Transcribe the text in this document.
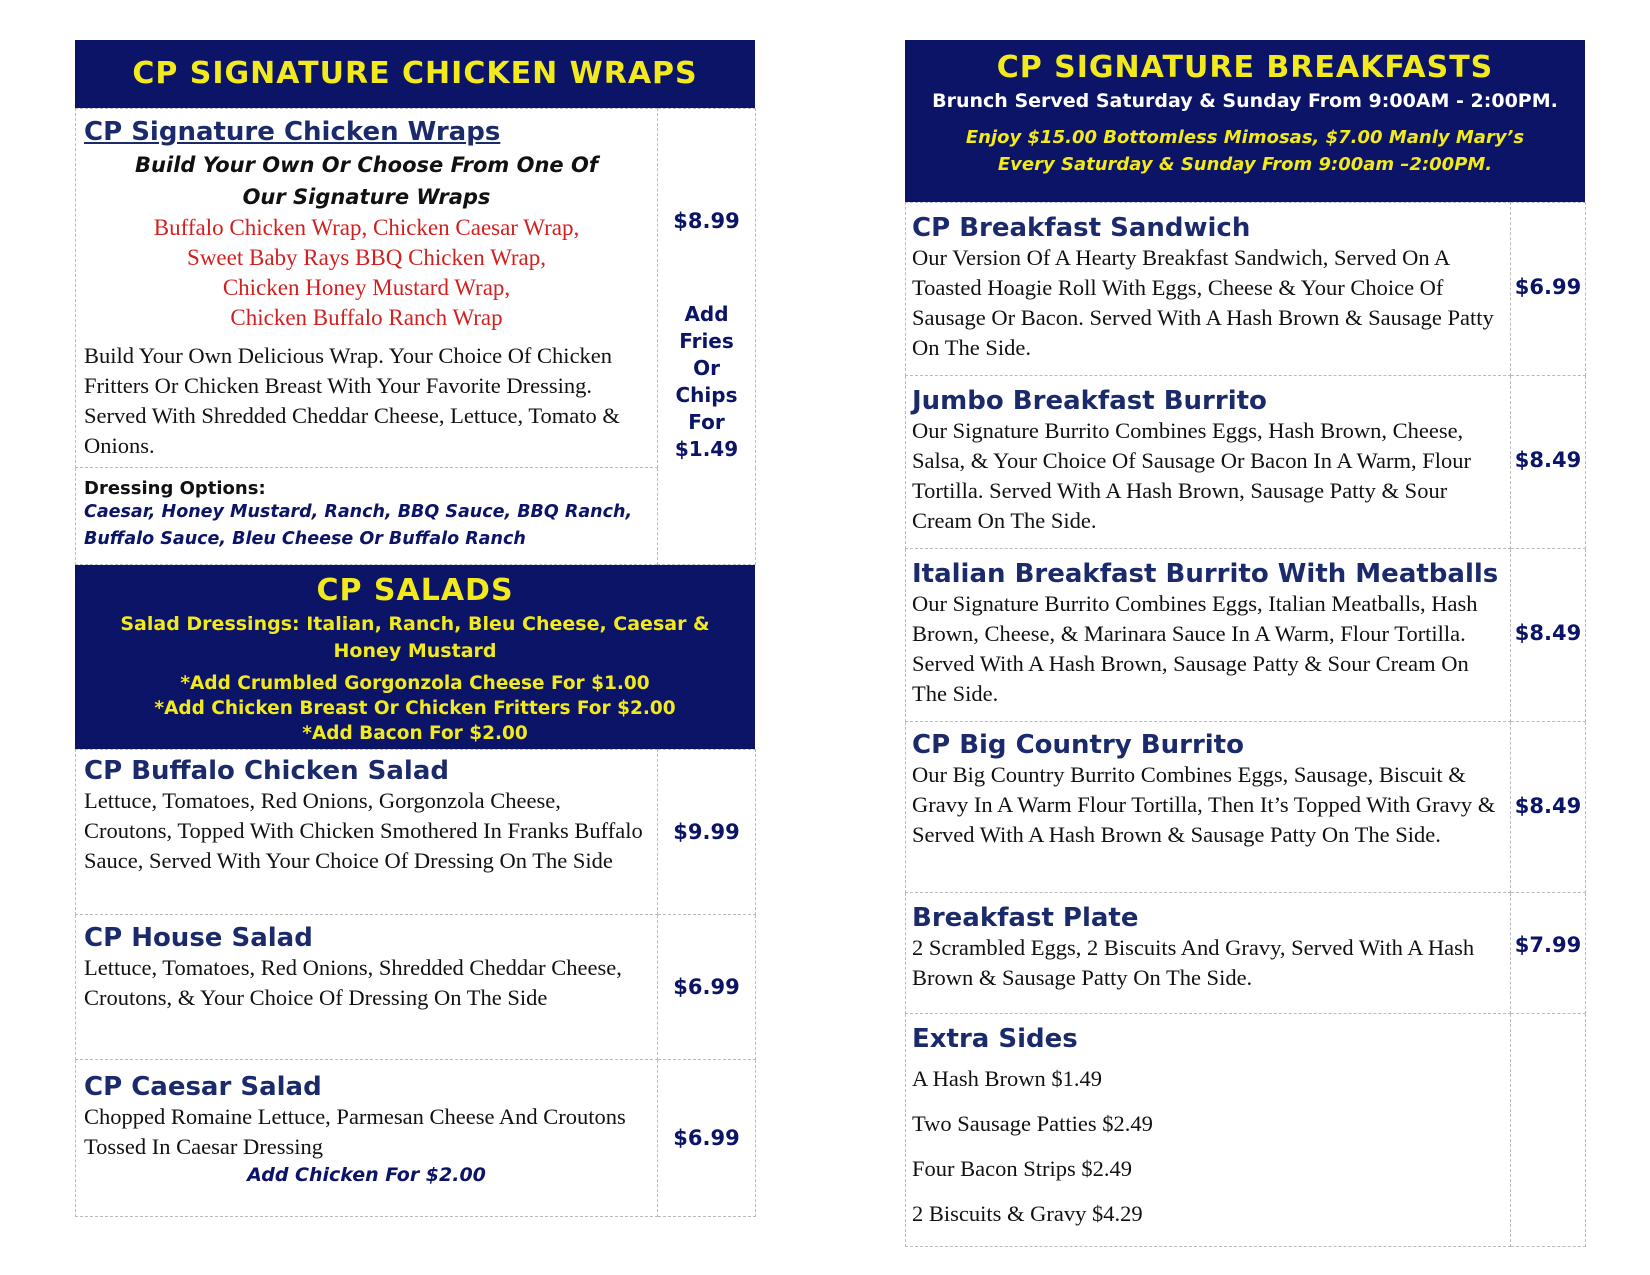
CP SIGNATURE CHICKEN WRAPS
CP Signature Chicken Wraps
Build Your Own Or Choose From One Of
Our Signature Wraps
Buffalo Chicken Wrap, Chicken Caesar Wrap,
Sweet Baby Rays BBQ Chicken Wrap,
Chicken Honey Mustard Wrap,
Chicken Buffalo Ranch Wrap
Build Your Own Delicious Wrap. Your Choice Of Chicken Fritters Or Chicken Breast With Your Favorite Dressing. Served With Shredded Cheddar Cheese, Lettuce, Tomato & Onions.

$8.99
Add
Fries
Or
Chips
For
$1.49

Dressing Options:
Caesar, Honey Mustard, Ranch, BBQ Sauce, BBQ Ranch,
Buffalo Sauce, Bleu Cheese Or Buffalo Ranch
CP SALADS
Salad Dressings: Italian, Ranch, Bleu Cheese, Caesar &
Honey Mustard
*Add Crumbled Gorgonzola Cheese For $1.00
*Add Chicken Breast Or Chicken Fritters For $2.00
*Add Bacon For $2.00
CP Buffalo Chicken Salad
Lettuce, Tomatoes, Red Onions, Gorgonzola Cheese, Croutons, Topped With Chicken Smothered In Franks Buffalo Sauce, Served With Your Choice Of Dressing On The Side	$9.99

CP House Salad
Lettuce, Tomatoes, Red Onions, Shredded Cheddar Cheese, Croutons, & Your Choice Of Dressing On The Side	$6.99

CP Caesar Salad
Chopped Romaine Lettuce, Parmesan Cheese And Croutons Tossed In Caesar Dressing
Add Chicken For $2.00	$6.99
CP SIGNATURE BREAKFASTS
Brunch Served Saturday & Sunday From 9:00AM - 2:00PM.
Enjoy $15.00 Bottomless Mimosas, $7.00 Manly Mary’s
Every Saturday & Sunday From 9:00am –2:00PM.
CP Breakfast Sandwich
Our Version Of A Hearty Breakfast Sandwich, Served On A Toasted Hoagie Roll With Eggs, Cheese & Your Choice Of Sausage Or Bacon. Served With A Hash Brown & Sausage Patty On The Side.	$6.99

Jumbo Breakfast Burrito
Our Signature Burrito Combines Eggs, Hash Brown, Cheese, Salsa, & Your Choice Of Sausage Or Bacon In A Warm, Flour Tortilla. Served With A Hash Brown, Sausage Patty & Sour Cream On The Side.	$8.49

Italian Breakfast Burrito With Meatballs
Our Signature Burrito Combines Eggs, Italian Meatballs, Hash Brown, Cheese, & Marinara Sauce In A Warm, Flour Tortilla. Served With A Hash Brown, Sausage Patty & Sour Cream On The Side.	$8.49

CP Big Country Burrito
Our Big Country Burrito Combines Eggs, Sausage, Biscuit & Gravy In A Warm Flour Tortilla, Then It’s Topped With Gravy & Served With A Hash Brown & Sausage Patty On The Side.	$8.49

Breakfast Plate
2 Scrambled Eggs, 2 Biscuits And Gravy, Served With A Hash Brown & Sausage Patty On The Side.	$7.99

Extra Sides
A Hash Brown $1.49
Two Sausage Patties $2.49
Four Bacon Strips $2.49
2 Biscuits & Gravy $4.29	
